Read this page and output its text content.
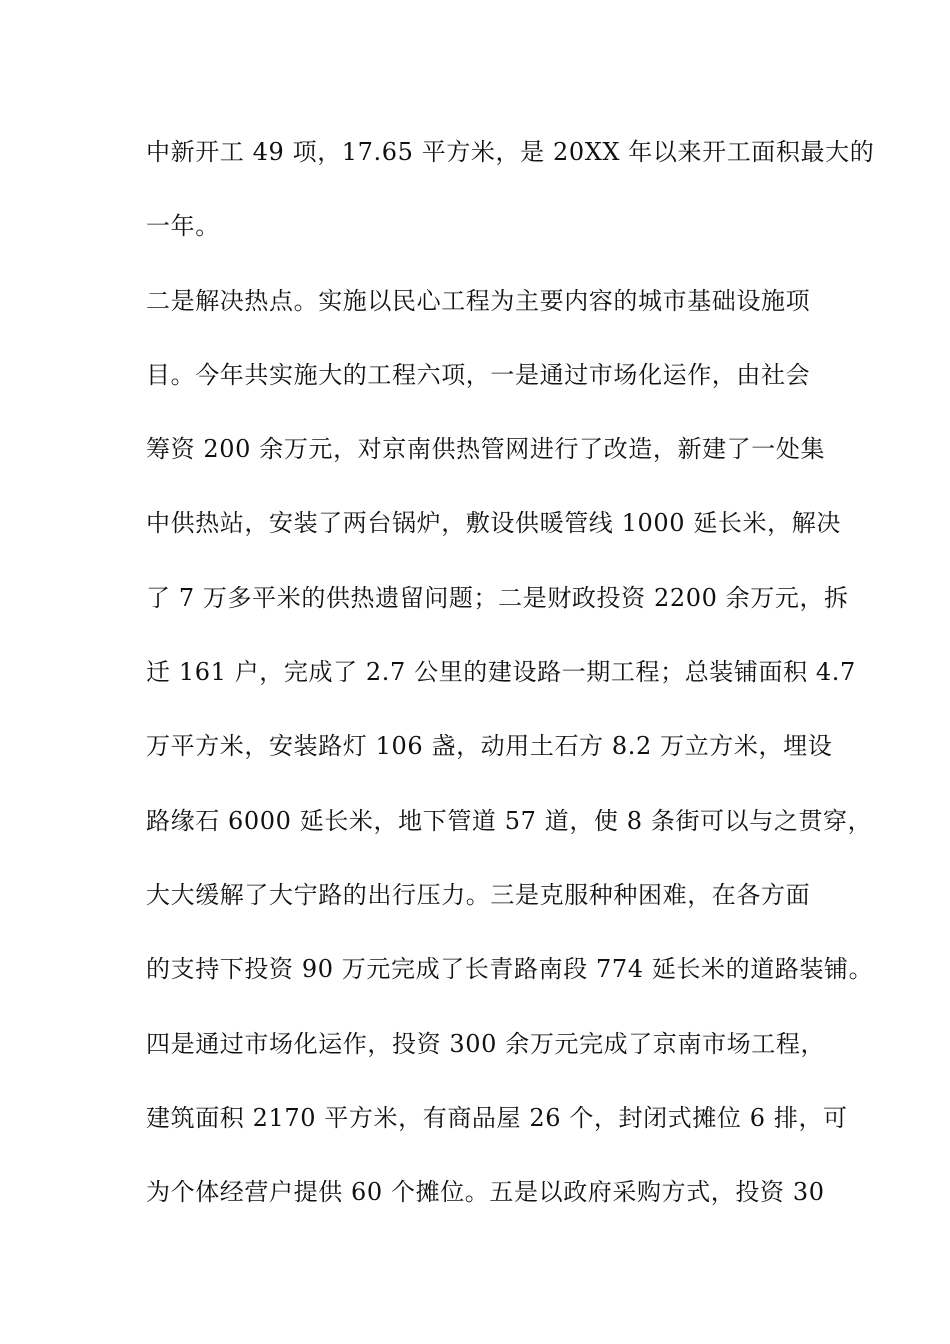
中新开工 49 项，17.65 平方米，是 20XX 年以来开工面积最大的
一年。
二是解决热点。实施以民心工程为主要内容的城市基础设施项
目。今年共实施大的工程六项，一是通过市场化运作，由社会
筹资 200 余万元，对京南供热管网进行了改造，新建了一处集
中供热站，安装了两台锅炉，敷设供暖管线 1000 延长米，解决
了 7 万多平米的供热遗留问题；二是财政投资 2200 余万元，拆
迁 161 户，完成了 2.7 公里的建设路一期工程；总装铺面积 4.7
万平方米，安装路灯 106 盏，动用土石方 8.2 万立方米，埋设
路缘石 6000 延长米，地下管道 57 道，使 8 条街可以与之贯穿，
大大缓解了大宁路的出行压力。三是克服种种困难，在各方面
的支持下投资 90 万元完成了长青路南段 774 延长米的道路装铺。
四是通过市场化运作，投资 300 余万元完成了京南市场工程，
建筑面积 2170 平方米，有商品屋 26 个，封闭式摊位 6 排，可
为个体经营户提供 60 个摊位。五是以政府采购方式，投资 30
